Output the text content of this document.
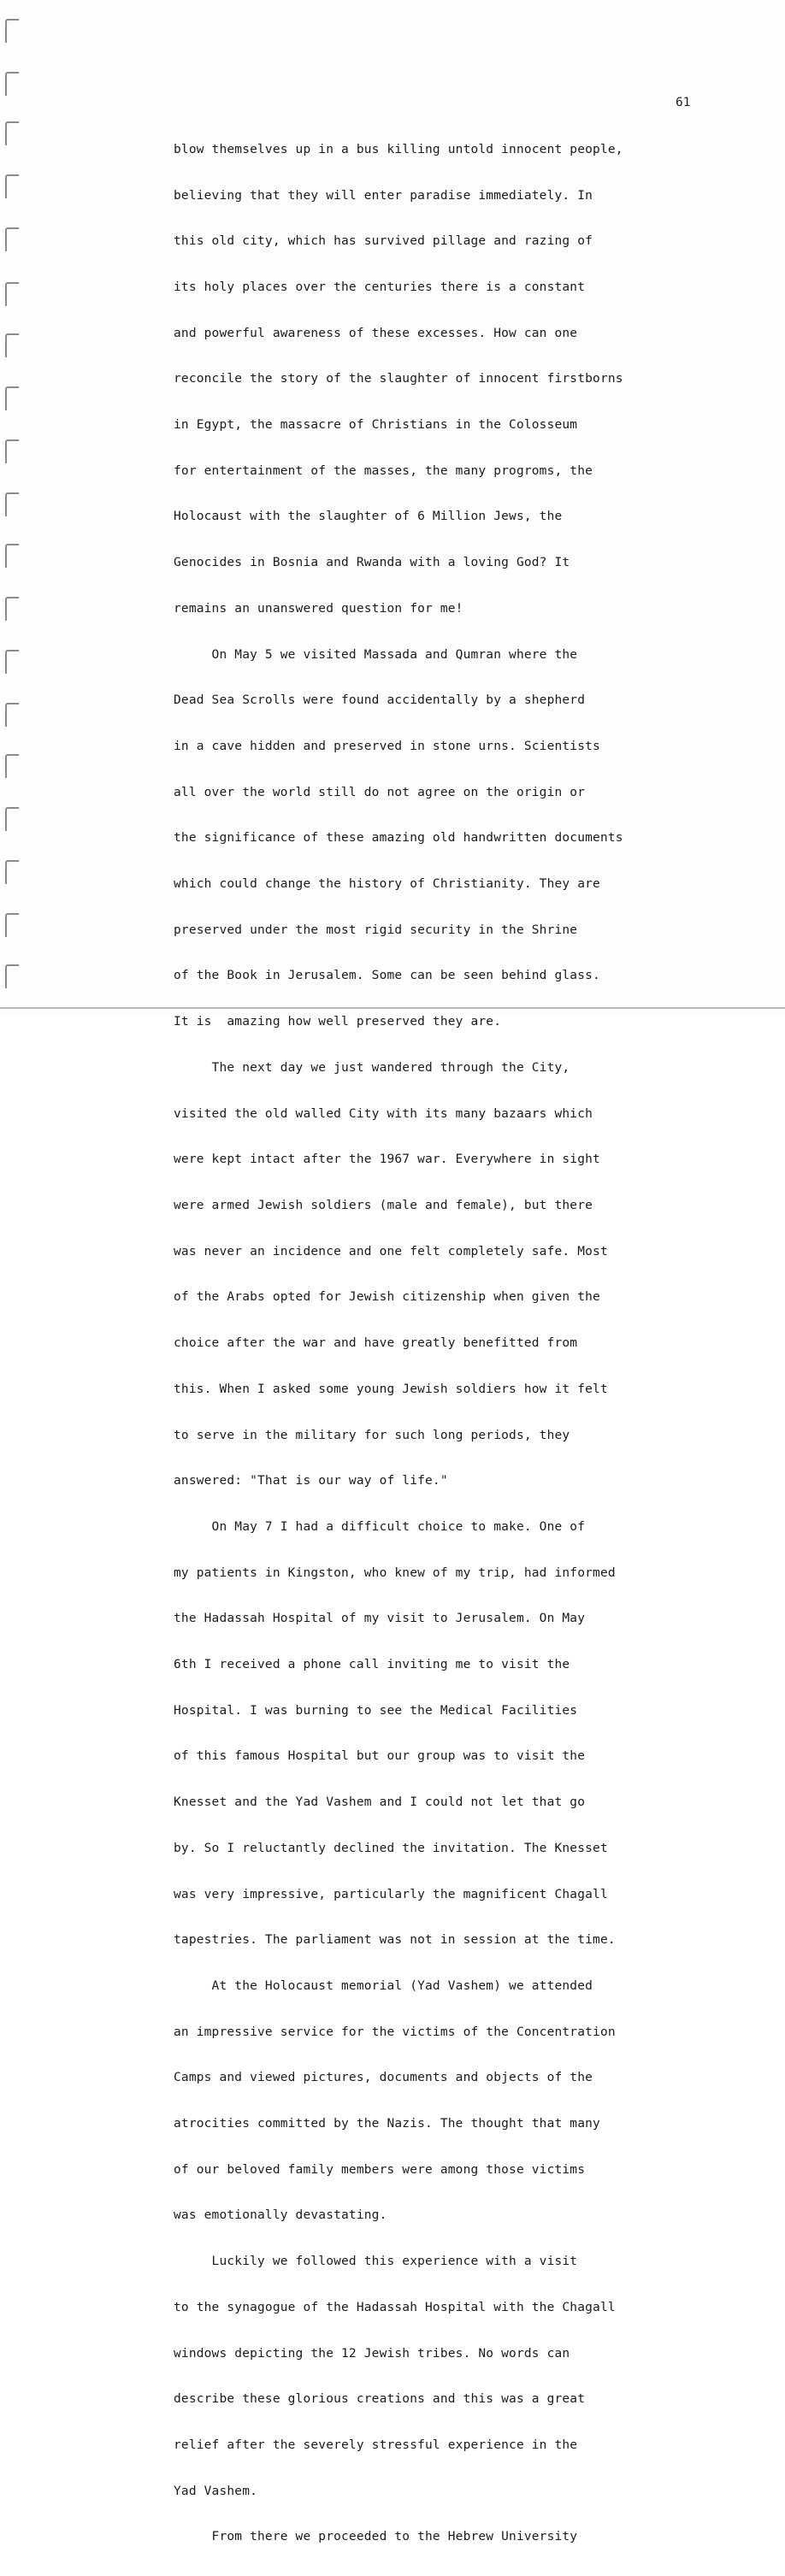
61

blow themselves up in a bus killing untold innocent people,

believing that they will enter paradise immediately. In

this old city, which has survived pillage and razing of

its holy places over the centuries there is a constant

and powerful awareness of these excesses. How can one

reconcile the story of the slaughter of innocent firstborns

in Egypt, the massacre of Christians in the Colosseum

for entertainment of the masses, the many progroms, the

Holocaust with the slaughter of 6 Million Jews, the

Genocides in Bosnia and Rwanda with a loving God? It

remains an unanswered question for me!

On May 5 we visited Massada and Qumran where the

Dead Sea Scrolls were found accidentally by a shepherd

in a cave hidden and preserved in stone urns. Scientists

all over the world still do not agree on the origin or

the significance of these amazing old handwritten documents

which could change the history of Christianity. They are

preserved under the most rigid security in the Shrine

of the Book in Jerusalem. Some can be seen behind glass.

It is  amazing how well preserved they are.

The next day we just wandered through the City,

visited the old walled City with its many bazaars which

were kept intact after the 1967 war. Everywhere in sight

were armed Jewish soldiers (male and female), but there

was never an incidence and one felt completely safe. Most

of the Arabs opted for Jewish citizenship when given the

choice after the war and have greatly benefitted from

this. When I asked some young Jewish soldiers how it felt

to serve in the military for such long periods, they

answered: "That is our way of life."

On May 7 I had a difficult choice to make. One of

my patients in Kingston, who knew of my trip, had informed

the Hadassah Hospital of my visit to Jerusalem. On May

6th I received a phone call inviting me to visit the

Hospital. I was burning to see the Medical Facilities

of this famous Hospital but our group was to visit the

Knesset and the Yad Vashem and I could not let that go

by. So I reluctantly declined the invitation. The Knesset

was very impressive, particularly the magnificent Chagall

tapestries. The parliament was not in session at the time.

At the Holocaust memorial (Yad Vashem) we attended

an impressive service for the victims of the Concentration

Camps and viewed pictures, documents and objects of the

atrocities committed by the Nazis. The thought that many

of our beloved family members were among those victims

was emotionally devastating.

Luckily we followed this experience with a visit

to the synagogue of the Hadassah Hospital with the Chagall

windows depicting the 12 Jewish tribes. No words can

describe these glorious creations and this was a great

relief after the severely stressful experience in the

Yad Vashem.

From there we proceeded to the Hebrew University
